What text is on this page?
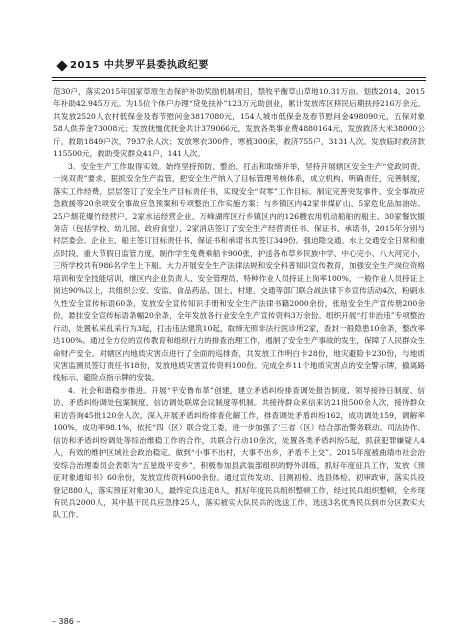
2015 中共罗平县委执政纪要

范30户，落实2015年国家草原生态保护补助奖励机制项目，禁牧平衡草山草地10.31万亩。划拨2014、2015年补助42.945万元。为15位个体户办理“贷免扶补”123万元助创业，累计发放库区移民后期扶持216万余元。共发放2520人农村低保金及春节慰问金3817080元，154人城市低保金及春节慰问金498090元，五保对象58人供养金73008元；发放抚恤优抚金共计379066元，发放各类事业费4880164元，发放救济大米38000公斤，救助1849户次，7937余人次；发放寒衣300件，寒被300床，救济755户，3131人次。发放临时救济款115500元，救助受灾群众41户，141人次。

3．安全生产工作取得实效。始终坚持预防、整治、打击和取缔并举，坚持开展辖区安全生产“党政同责、一岗双责”要求，狠抓安全生产监管，把安全生产纳入了目标管理考核体系，成立机构、明确责任，完善制度，落实工作经费，层层签订了安全生产目标责任书，实现安全“双零”工作目标。制定完善突发事件、安全事故应急救援等20余项安全事故应急预案和专项整治工作实施方案；与乡镇区内42家非煤矿山、5家危化品加油站、25户烟花爆竹经营户、2家水运经营企业、万峰湖库区行乡镇区内的126艘农用机动船舶的船主、30家餐饮服务店（包括学校、幼儿园、政府食堂）、2家消店签订了安全生产经营责任书、保证书、承诺书，2015年分别与村层委会、企业主、船主签订目标责任书、保证书和承诺书共签订349份。强迫隐交通、水上交通安全日常和重点时段、重大节假日监管力度，制作学生免费乘船卡900张，护送各布草乡民族中学、中心完小、八大河完小，三所学校共有986名学生上下船。大力开展安全生产法律法规和安全科普知识宣传教育，加强安全生产岗位资格培训和安全技能培训，继区内企业负责人、安全管理员、特种作业人员持证上岗率100%，一般作业人员持证上岗达90%以上，共组织公安、安监、食品药品、国土、村建、交通等部门联合战法律下乡宣传活动4次，粉刷永久性安全宣传标语60条，发放安全宣传知识手册和安全生产法律书籍2000余份，张贴安全生产宣传册200余份，悬挂安全宣传标语条幅20余条，全年发放各行业安全生产宣传资料3万余份。组织开展“打非治违”专项整治行动，处置私采乱采行为3起，打击违法建筑10起，取缔无照非法行医诊所2家，查封一般隐患10余条，整改率达100%。通过全方位的宣传教育和组织行力的排查治理工作，遏制了安全生产事故的发生，保障了人民群众生命财产安全。对辖区内地质灾害点进行了全面的巡排查，共发放工作明白卡28份，地灾避险卡230份，与地质灾害监测员签订责任书18份，发放地质灾害宣传资料100份。完成全乡11个地质灾害点的安全警示牌，撤离路线标示、避险点指示牌的安装。

4．社会和谐稳步推进。开展“平安鲁布革”创建，建立矛盾纠纷排查调处报告制度、领导接待日制度、信访、矛盾纠纷调处包案制度、信访调处联席会议制度等机制。共接待群众来信来访21批500余人次，接待群众来访咨询45批120余人次。深入开展矛盾纠纷排查化解工作，排查调处矛盾纠纷162，成功调处159，调解率100%，成功率98.1%，依托“四（区）联合党工委，进一步加强了‘三省（区）结合部治警务联动、司法协作、信访和矛盾纠纷调处等综治维稳工作的合作，共联合行动10余次，处置各类矛盾纠纷5起，抓获犯罪嫌疑人4人，有效的维护区域社会政治稳定。做到“小事不出村，大事不出乡，矛盾不上交”。2015年度被曲靖市社会治安综合治理委员会表彰为“五星级平安乡”，积极参加县武装部组织的野外训练，抓好年度征兵工作，发放《预征对象通知书》60余份，发放宣传资料600余份。通过宣传发动、目测初检、选县体检、初审政审，落实兵役登记880人，落实预征对象30人，最终定兵送走8人，抓好年度民兵组织整顿工作，经过民兵组织整顿，全乡现有民兵2000人，其中基干民兵应急排25人，落实被实大队民兵的选送工作，选送3名优秀民兵到市分区教实大队工作。

– 386 –
